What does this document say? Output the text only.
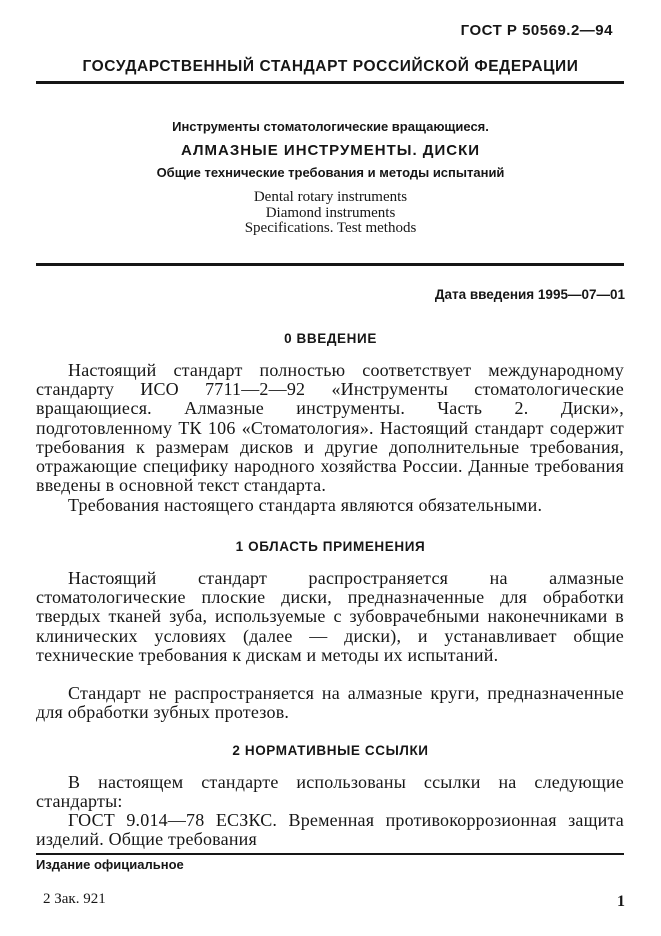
ГОСТ Р 50569.2—94
ГОСУДАРСТВЕННЫЙ СТАНДАРТ РОССИЙСКОЙ ФЕДЕРАЦИИ
Инструменты стоматологические вращающиеся.
АЛМАЗНЫЕ ИНСТРУМЕНТЫ. ДИСКИ
Общие технические требования и методы испытаний
Dental rotary instruments
Diamond instruments
Specifications. Test methods
Дата введения 1995—07—01
0 ВВЕДЕНИЕ
Настоящий стандарт полностью соответствует международному стандарту ИСО 7711—2—92 «Инструменты стоматологические вращающиеся. Алмазные инструменты. Часть 2. Диски», подготовленному ТК 106 «Стоматология». Настоящий стандарт содержит требования к размерам дисков и другие дополнительные требования, отражающие специфику народного хозяйства России. Данные требования введены в основной текст стандарта.
Требования настоящего стандарта являются обязательными.
1 ОБЛАСТЬ ПРИМЕНЕНИЯ
Настоящий стандарт распространяется на алмазные стоматологические плоские диски, предназначенные для обработки твердых тканей зуба, используемые с зубоврачебными наконечниками в клинических условиях (далее — диски), и устанавливает общие технические требования к дискам и методы их испытаний.
Стандарт не распространяется на алмазные круги, предназначенные для обработки зубных протезов.
2 НОРМАТИВНЫЕ ССЫЛКИ
В настоящем стандарте использованы ссылки на следующие стандарты:
ГОСТ 9.014—78 ЕСЗКС. Временная противокоррозионная защита изделий. Общие требования
Издание официальное
2 Зак. 921	1
